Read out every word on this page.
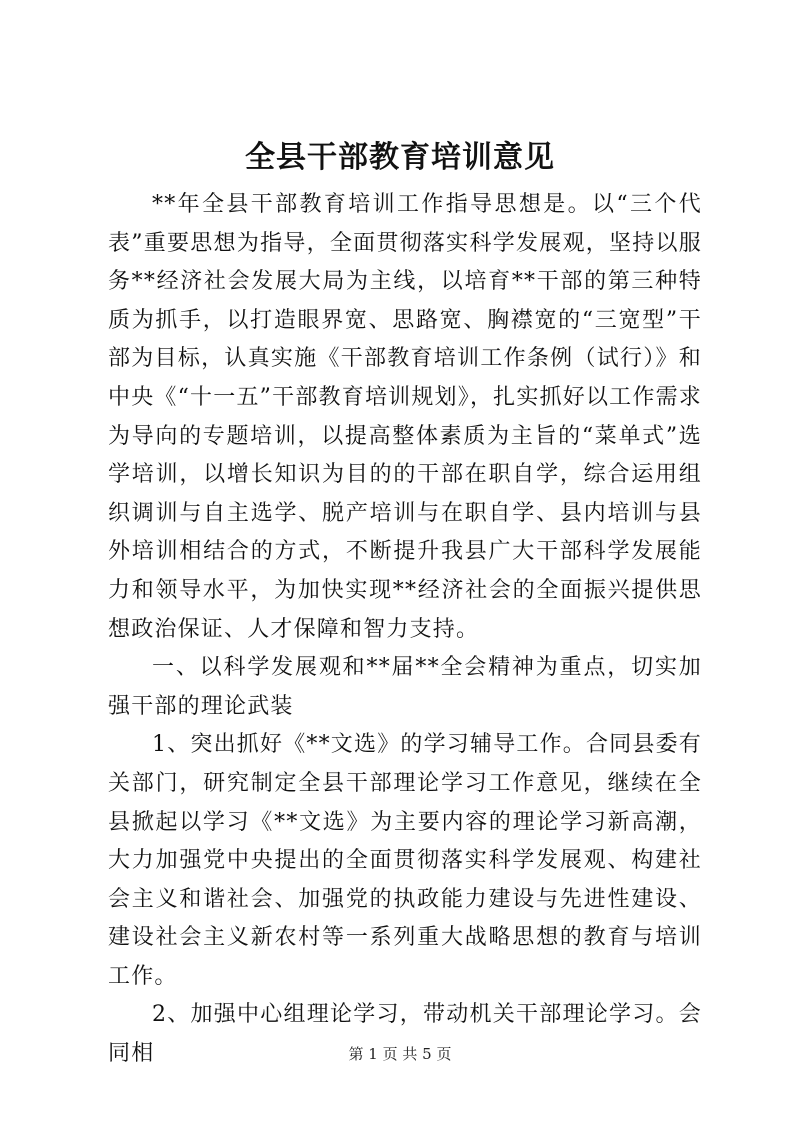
全县干部教育培训意见

**年全县干部教育培训工作指导思想是。以“三个代表”重要思想为指导，全面贯彻落实科学发展观，坚持以服务**经济社会发展大局为主线，以培育**干部的第三种特质为抓手，以打造眼界宽、思路宽、胸襟宽的“三宽型”干部为目标，认真实施《干部教育培训工作条例（试行）》和中央《“十一五”干部教育培训规划》，扎实抓好以工作需求为导向的专题培训，以提高整体素质为主旨的“菜单式”选学培训，以增长知识为目的的干部在职自学，综合运用组织调训与自主选学、脱产培训与在职自学、县内培训与县外培训相结合的方式，不断提升我县广大干部科学发展能力和领导水平，为加快实现**经济社会的全面振兴提供思想政治保证、人才保障和智力支持。

一、以科学发展观和**届**全会精神为重点，切实加强干部的理论武装

1、突出抓好《**文选》的学习辅导工作。合同县委有关部门，研究制定全县干部理论学习工作意见，继续在全县掀起以学习《**文选》为主要内容的理论学习新高潮，大力加强党中央提出的全面贯彻落实科学发展观、构建社会主义和谐社会、加强党的执政能力建设与先进性建设、建设社会主义新农村等一系列重大战略思想的教育与培训工作。

2、加强中心组理论学习，带动机关干部理论学习。会同相	第 1 页 共 5 页
